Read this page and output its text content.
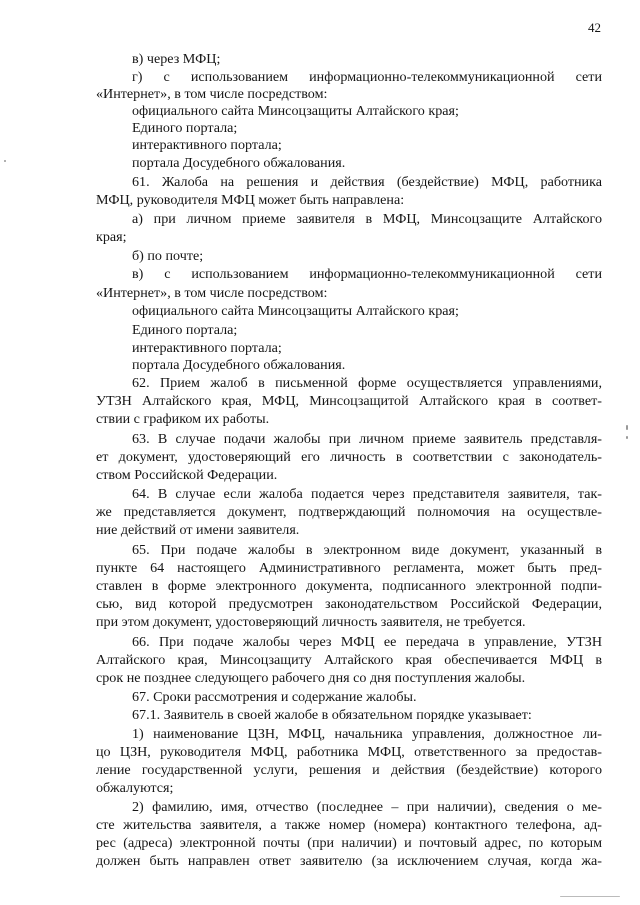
42
в) через МФЦ;
г) с использованием информационно-телекоммуникационной сети
«Интернет», в том числе посредством:
официального сайта Минсоцзащиты Алтайского края;
Единого портала;
интерактивного портала;
портала Досудебного обжалования.
61. Жалоба на решения и действия (бездействие) МФЦ, работника
МФЦ, руководителя МФЦ может быть направлена:
а) при личном приеме заявителя в МФЦ, Минсоцзащите Алтайского
края;
б) по почте;
в) с использованием информационно-телекоммуникационной сети
«Интернет», в том числе посредством:
официального сайта Минсоцзащиты Алтайского края;
Единого портала;
интерактивного портала;
портала Досудебного обжалования.
62. Прием жалоб в письменной форме осуществляется управлениями,
УТЗН Алтайского края, МФЦ, Минсоцзащитой Алтайского края в соответ-
ствии с графиком их работы.
63. В случае подачи жалобы при личном приеме заявитель представля-
ет документ, удостоверяющий его личность в соответствии с законодатель-
ством Российской Федерации.
64. В случае если жалоба подается через представителя заявителя, так-
же представляется документ, подтверждающий полномочия на осуществле-
ние действий от имени заявителя.
65. При подаче жалобы в электронном виде документ, указанный в
пункте 64 настоящего Административного регламента, может быть пред-
ставлен в форме электронного документа, подписанного электронной подпи-
сью, вид которой предусмотрен законодательством Российской Федерации,
при этом документ, удостоверяющий личность заявителя, не требуется.
66. При подаче жалобы через МФЦ ее передача в управление, УТЗН
Алтайского края, Минсоцзащиту Алтайского края обеспечивается МФЦ в
срок не позднее следующего рабочего дня со дня поступления жалобы.
67. Сроки рассмотрения и содержание жалобы.
67.1. Заявитель в своей жалобе в обязательном порядке указывает:
1) наименование ЦЗН, МФЦ, начальника управления, должностное ли-
цо ЦЗН, руководителя МФЦ, работника МФЦ, ответственного за предостав-
ление государственной услуги, решения и действия (бездействие) которого
обжалуются;
2) фамилию, имя, отчество (последнее – при наличии), сведения о ме-
сте жительства заявителя, а также номер (номера) контактного телефона, ад-
рес (адреса) электронной почты (при наличии) и почтовый адрес, по которым
должен быть направлен ответ заявителю (за исключением случая, когда жа-
